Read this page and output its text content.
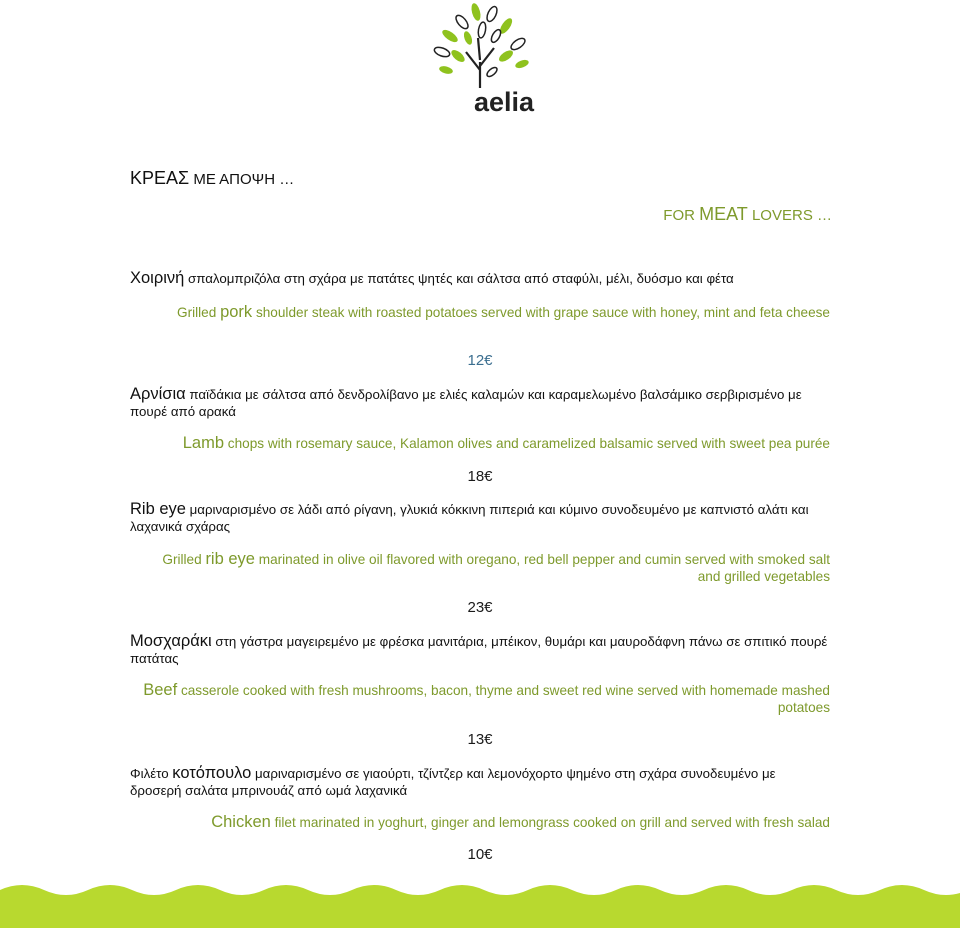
aelia
ΚΡΕΑΣ ΜΕ ΑΠΟΨΗ …
FOR MEAT LOVERS …
Χοιρινή σπαλομπριζόλα στη σχάρα με πατάτες ψητές και σάλτσα από σταφύλι, μέλι, δυόσμο και φέτα
Grilled pork shoulder steak with roasted potatoes served with grape sauce with honey, mint and feta cheese
12€
Αρνίσια παϊδάκια με σάλτσα από δενδρολίβανο με ελιές καλαμών και καραμελωμένο βαλσάμικο σερβιρισμένο με πουρέ από αρακά
Lamb chops with rosemary sauce, Kalamon olives and caramelized balsamic served with sweet pea purée
18€
Rib eye μαριναρισμένο σε λάδι από ρίγανη, γλυκιά κόκκινη πιπεριά και κύμινο συνοδευμένο με καπνιστό αλάτι και λαχανικά σχάρας
Grilled rib eye marinated in olive oil flavored with oregano, red bell pepper and cumin served with smoked salt and grilled vegetables
23€
Μοσχαράκι στη γάστρα μαγειρεμένο με φρέσκα μανιτάρια, μπέικον, θυμάρι και μαυροδάφνη πάνω σε σπιτικό πουρέ πατάτας
Beef casserole cooked with fresh mushrooms, bacon, thyme and sweet red wine served with homemade mashed potatoes
13€
Φιλέτο κοτόπουλο μαριναρισμένο σε γιαούρτι, τζίντζερ και λεμονόχορτο ψημένο στη σχάρα συνοδευμένο με δροσερή σαλάτα μπρινουάζ από ωμά λαχανικά
Chicken filet marinated in yoghurt, ginger and lemongrass cooked on grill and served with fresh salad
10€
